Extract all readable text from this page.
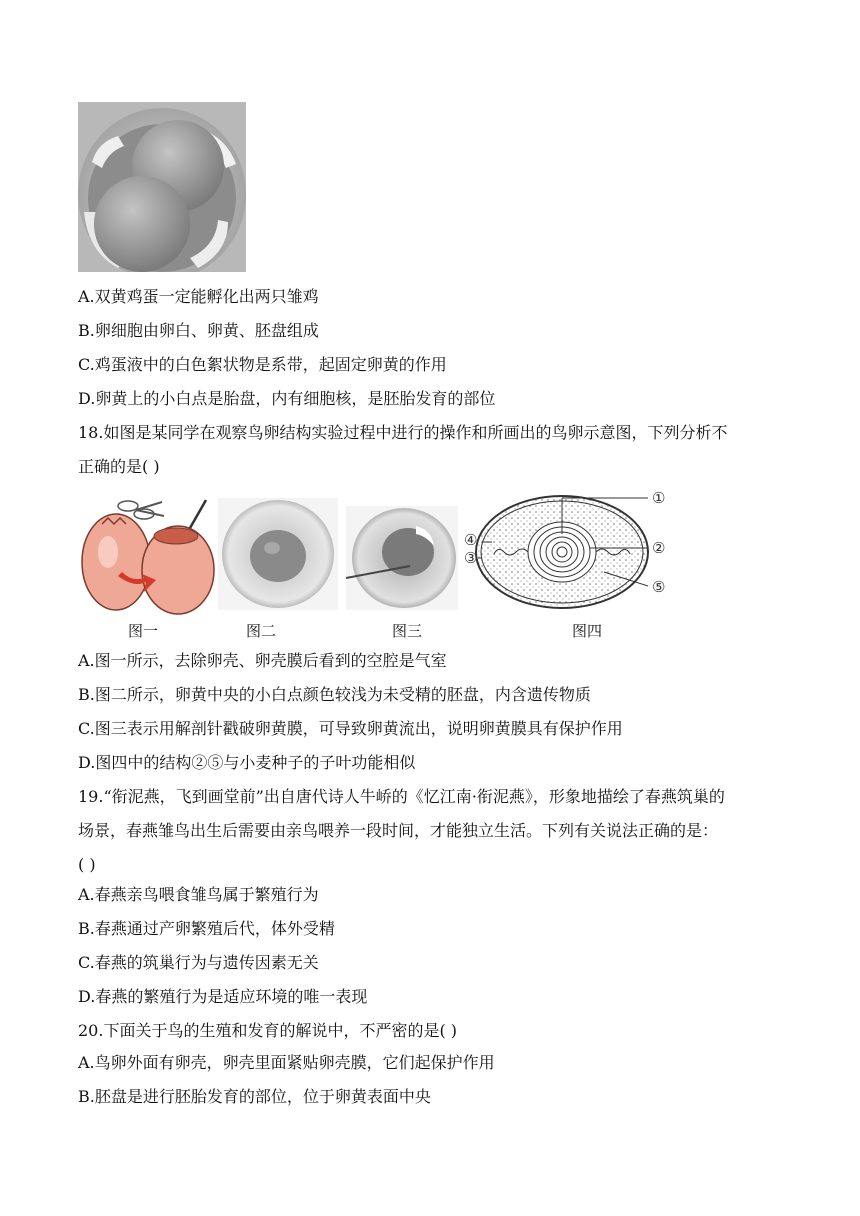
A.双黄鸡蛋一定能孵化出两只雏鸡
B.卵细胞由卵白、卵黄、胚盘组成
C.鸡蛋液中的白色絮状物是系带，起固定卵黄的作用
D.卵黄上的小白点是胎盘，内有细胞核，是胚胎发育的部位
18.如图是某同学在观察鸟卵结构实验过程中进行的操作和所画出的鸟卵示意图，下列分析不
正确的是( )
①
②
③
④
⑤
图一	图二	图三	图四
A.图一所示，去除卵壳、卵壳膜后看到的空腔是气室
B.图二所示，卵黄中央的小白点颜色较浅为未受精的胚盘，内含遗传物质
C.图三表示用解剖针戳破卵黄膜，可导致卵黄流出，说明卵黄膜具有保护作用
D.图四中的结构②⑤与小麦种子的子叶功能相似
19.“衔泥燕，飞到画堂前”出自唐代诗人牛峤的《忆江南·衔泥燕》，形象地描绘了春燕筑巢的
场景，春燕雏鸟出生后需要由亲鸟喂养一段时间，才能独立生活。下列有关说法正确的是：
( )
A.春燕亲鸟喂食雏鸟属于繁殖行为
B.春燕通过产卵繁殖后代，体外受精
C.春燕的筑巢行为与遗传因素无关
D.春燕的繁殖行为是适应环境的唯一表现
20.下面关于鸟的生殖和发育的解说中，不严密的是( )
A.鸟卵外面有卵壳，卵壳里面紧贴卵壳膜，它们起保护作用
B.胚盘是进行胚胎发育的部位，位于卵黄表面中央
